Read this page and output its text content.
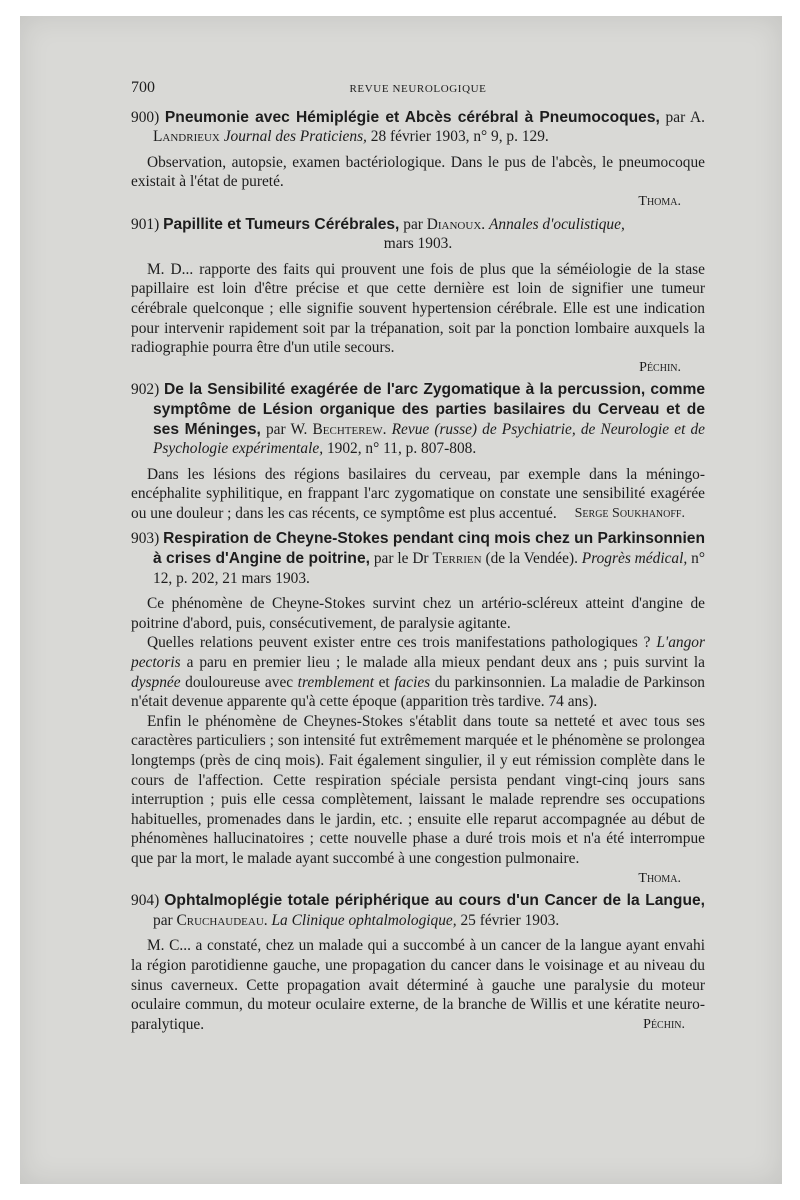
700	REVUE NEUROLOGIQUE

900) Pneumonie avec Hémiplégie et Abcès cérébral à Pneumocoques, par A. Landrieux Journal des Praticiens, 28 février 1903, n° 9, p. 129.

Observation, autopsie, examen bactériologique. Dans le pus de l'abcès, le pneumocoque existait à l'état de pureté.

Thoma.

901) Papillite et Tumeurs Cérébrales, par Dianoux. Annales d'oculistique,
mars 1903.

M. D... rapporte des faits qui prouvent une fois de plus que la séméiologie de la stase papillaire est loin d'être précise et que cette dernière est loin de signifier une tumeur cérébrale quelconque ; elle signifie souvent hypertension cérébrale. Elle est une indication pour intervenir rapidement soit par la trépanation, soit par la ponction lombaire auxquels la radiographie pourra être d'un utile secours.

Péchin.

902) De la Sensibilité exagérée de l'arc Zygomatique à la percussion, comme symptôme de Lésion organique des parties basilaires du Cerveau et de ses Méninges, par W. Bechterew. Revue (russe) de Psychiatrie, de Neurologie et de Psychologie expérimentale, 1902, n° 11, p. 807-808.

Dans les lésions des régions basilaires du cerveau, par exemple dans la méningo-encéphalite syphilitique, en frappant l'arc zygomatique on constate une sensibilité exagérée ou une douleur ; dans les cas récents, ce symptôme est plus accentué.	Serge Soukhanoff.

903) Respiration de Cheyne-Stokes pendant cinq mois chez un Parkinsonnien à crises d'Angine de poitrine, par le Dr Terrien (de la Vendée). Progrès médical, n° 12, p. 202, 21 mars 1903.

Ce phénomène de Cheyne-Stokes survint chez un artério-scléreux atteint d'angine de poitrine d'abord, puis, consécutivement, de paralysie agitante.

Quelles relations peuvent exister entre ces trois manifestations pathologiques ? L'angor pectoris a paru en premier lieu ; le malade alla mieux pendant deux ans ; puis survint la dyspnée douloureuse avec tremblement et facies du parkinsonnien. La maladie de Parkinson n'était devenue apparente qu'à cette époque (apparition très tardive. 74 ans).

Enfin le phénomène de Cheynes-Stokes s'établit dans toute sa netteté et avec tous ses caractères particuliers ; son intensité fut extrêmement marquée et le phénomène se prolongea longtemps (près de cinq mois). Fait également singulier, il y eut rémission complète dans le cours de l'affection. Cette respiration spéciale persista pendant vingt-cinq jours sans interruption ; puis elle cessa complètement, laissant le malade reprendre ses occupations habituelles, promenades dans le jardin, etc. ; ensuite elle reparut accompagnée au début de phénomènes hallucinatoires ; cette nouvelle phase a duré trois mois et n'a été interrompue que par la mort, le malade ayant succombé à une congestion pulmonaire.

Thoma.

904) Ophtalmoplégie totale périphérique au cours d'un Cancer de la Langue, par Cruchaudeau. La Clinique ophtalmologique, 25 février 1903.

M. C... a constaté, chez un malade qui a succombé à un cancer de la langue ayant envahi la région parotidienne gauche, une propagation du cancer dans le voisinage et au niveau du sinus caverneux. Cette propagation avait déterminé à gauche une paralysie du moteur oculaire commun, du moteur oculaire externe, de la branche de Willis et une kératite neuro-paralytique.	Péchin.
